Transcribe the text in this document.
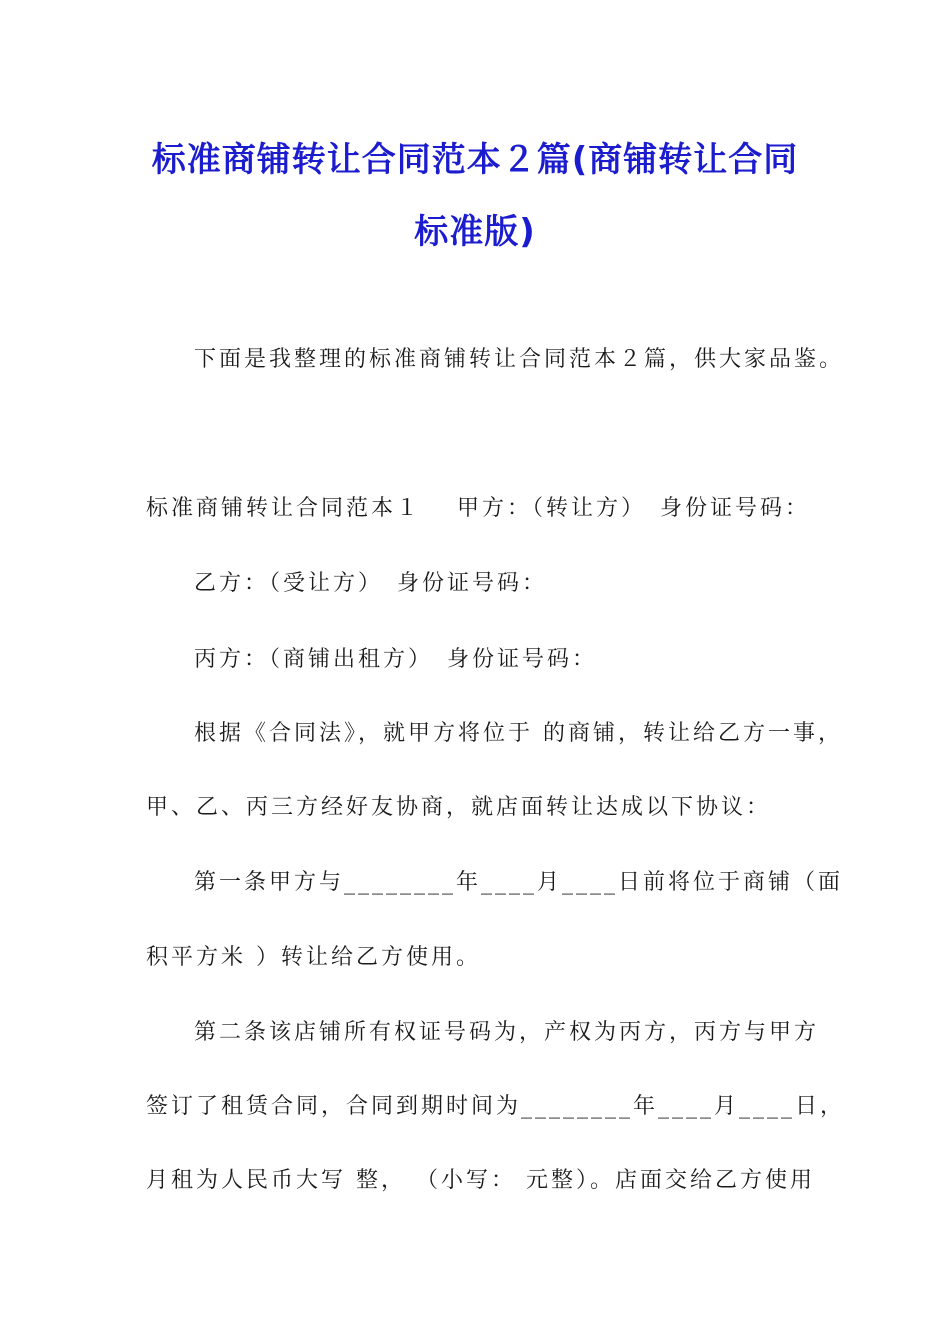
标准商铺转让合同范本２篇(商铺转让合同
标准版)
下面是我整理的标准商铺转让合同范本２篇，供大家品鉴。
标准商铺转让合同范本１ 甲方：（转让方） 身份证号码：
乙方：（受让方） 身份证号码：
丙方：（商铺出租方） 身份证号码：
根据《合同法》，就甲方将位于 的商铺，转让给乙方一事，
甲、乙、丙三方经好友协商，就店面转让达成以下协议：
第一条甲方与________年____月____日前将位于商铺（面
积平方米 ）转让给乙方使用。
第二条该店铺所有权证号码为，产权为丙方，丙方与甲方
签订了租赁合同，合同到期时间为________年____月____日，
月租为人民币大写 整， （小写： 元整）。店面交给乙方使用
